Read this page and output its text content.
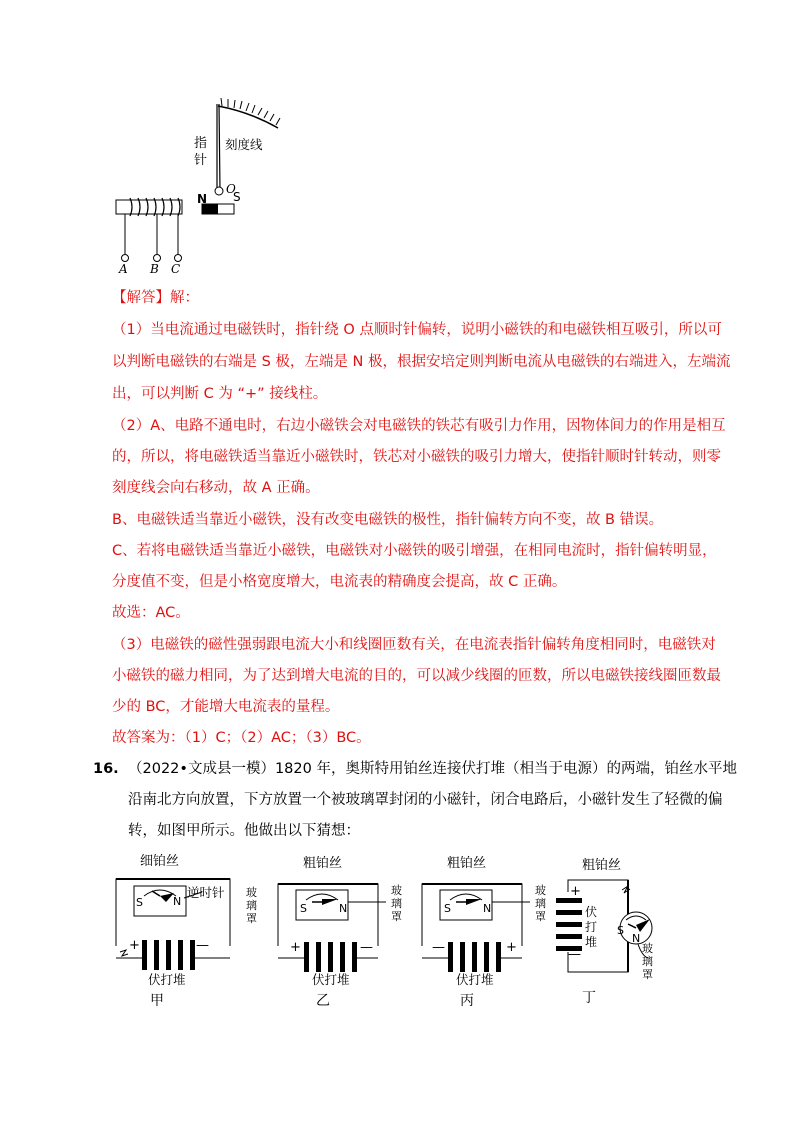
指
针
刻度线
N
O
S
A B C
【解答】解：
（1）当电流通过电磁铁时，指针绕 O 点顺时针偏转，说明小磁铁的和电磁铁相互吸引，所以可
以判断电磁铁的右端是 S 极，左端是 N 极，根据安培定则判断电流从电磁铁的右端进入，左端流
出，可以判断 C 为 “+” 接线柱。
（2）A、电路不通电时，右边小磁铁会对电磁铁的铁芯有吸引力作用，因物体间力的作用是相互
的，所以，将电磁铁适当靠近小磁铁时，铁芯对小磁铁的吸引力增大，使指针顺时针转动，则零
刻度线会向右移动，故 A 正确。
B、电磁铁适当靠近小磁铁，没有改变电磁铁的极性，指针偏转方向不变，故 B 错误。
C、若将电磁铁适当靠近小磁铁，电磁铁对小磁铁的吸引增强，在相同电流时，指针偏转明显，
分度值不变，但是小格宽度增大，电流表的精确度会提高，故 C 正确。
故选：AC。
（3）电磁铁的磁性强弱跟电流大小和线圈匝数有关，在电流表指针偏转角度相同时，电磁铁对
小磁铁的磁力相同，为了达到增大电流的目的，可以减少线圈的匝数，所以电磁铁接线圈匝数最
少的 BC，才能增大电流表的量程。
故答案为：（1）C；（2）AC；（3）BC。
16. （2022•文成县一模）1820 年，奥斯特用铂丝连接伏打堆（相当于电源）的两端，铂丝水平地
沿南北方向放置，下方放置一个被玻璃罩封闭的小磁针，闭合电路后，小磁针发生了轻微的偏
转，如图甲所示。他做出以下猜想：
细铂丝
逆时针
S	N
玻
璃
罩
+	—
伏打堆
甲
粗铂丝
S	N
玻
璃
罩
+	—
伏打堆
乙
粗铂丝
S	N
玻
璃
罩
—	+
伏打堆
丙
粗铂丝
+
伏
打
堆
—
S
N
玻
璃
罩
丁
